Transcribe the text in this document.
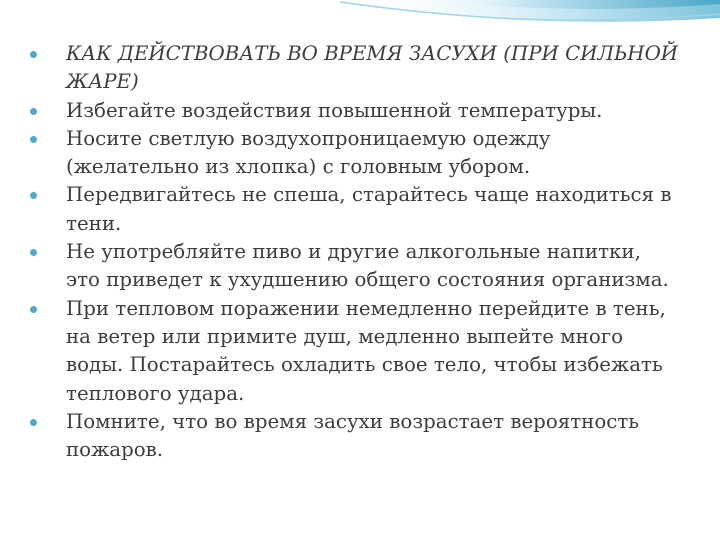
КАК ДЕЙСТВОВАТЬ ВО ВРЕМЯ ЗАСУХИ (ПРИ СИЛЬНОЙ ЖАРЕ)
Избегайте воздействия повышенной температуры.
Носите светлую воздухопроницаемую одежду (желательно из хлопка) с головным убором.
Передвигайтесь не спеша, старайтесь чаще находиться в тени.
Не употребляйте пиво и другие алкогольные напитки, это приведет к ухудшению общего состояния организма.
При тепловом поражении немедленно перейдите в тень, на ветер или примите душ, медленно выпейте много воды. Постарайтесь охладить свое тело, чтобы избежать теплового удара.
Помните, что во время засухи возрастает вероятность пожаров.
